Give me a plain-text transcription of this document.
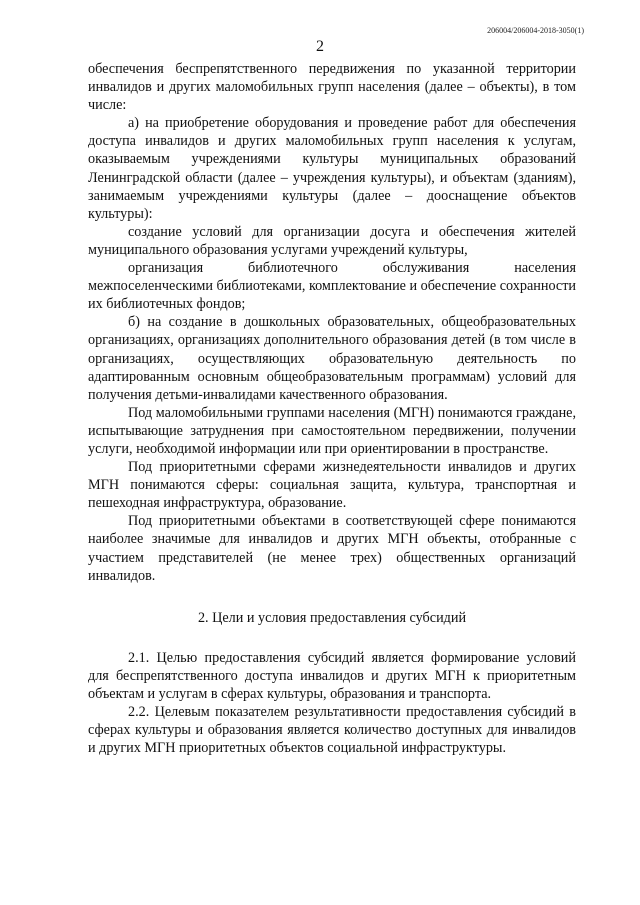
206004/206004-2018-3050(1)
2

обеспечения беспрепятственного передвижения по указанной территории инвалидов и других маломобильных групп населения (далее – объекты), в том числе:

а) на приобретение оборудования и проведение работ для обеспечения доступа инвалидов и других маломобильных групп населения к услугам, оказываемым учреждениями культуры муниципальных образований Ленинградской области (далее – учреждения культуры), и объектам (зданиям), занимаемым учреждениями культуры (далее – дооснащение объектов культуры):

создание условий для организации досуга и обеспечения жителей муниципального образования услугами учреждений культуры,

организация библиотечного обслуживания населения межпоселенческими библиотеками, комплектование и обеспечение сохранности их библиотечных фондов;

б) на создание в дошкольных образовательных, общеобразовательных организациях, организациях дополнительного образования детей (в том числе в организациях, осуществляющих образовательную деятельность по адаптированным основным общеобразовательным программам) условий для получения детьми-инвалидами качественного образования.

Под маломобильными группами населения (МГН) понимаются граждане, испытывающие затруднения при самостоятельном передвижении, получении услуги, необходимой информации или при ориентировании в пространстве.

Под приоритетными сферами жизнедеятельности инвалидов и других МГН понимаются сферы: социальная защита, культура, транспортная и пешеходная инфраструктура, образование.

Под приоритетными объектами в соответствующей сфере понимаются наиболее значимые для инвалидов и других МГН объекты, отобранные с участием представителей (не менее трех) общественных организаций инвалидов.

2. Цели и условия предоставления субсидий

2.1. Целью предоставления субсидий является формирование условий для беспрепятственного доступа инвалидов и других МГН к приоритетным объектам и услугам в сферах культуры, образования и транспорта.

2.2. Целевым показателем результативности предоставления субсидий в сферах культуры и образования является количество доступных для инвалидов и других МГН приоритетных объектов социальной инфраструктуры.
